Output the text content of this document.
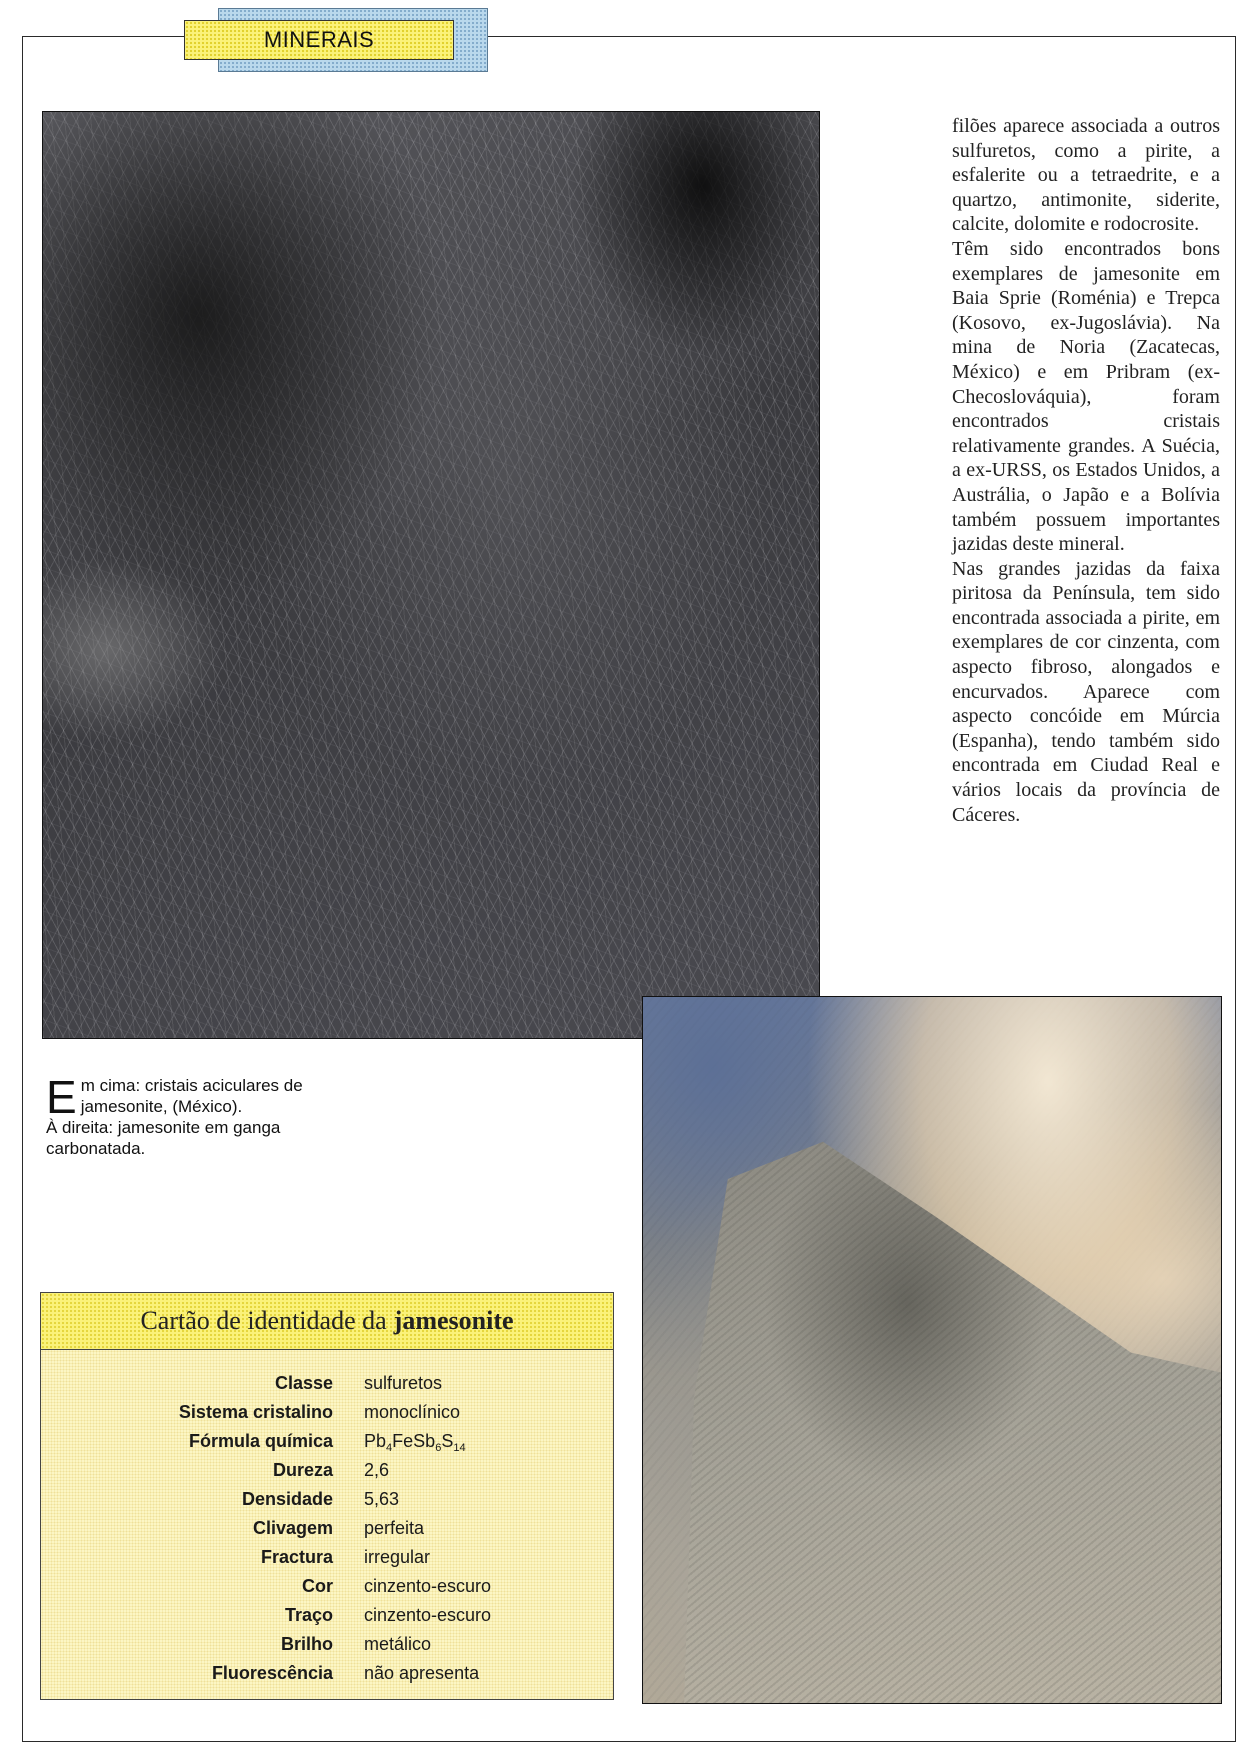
MINERAIS

filões aparece associada a outros sulfuretos, como a pirite, a esfalerite ou a tetraedrite, e a quartzo, antimonite, siderite, calcite, dolomite e rodocrosite.

Têm sido encontrados bons exemplares de jamesonite em Baia Sprie (Roménia) e Trepca (Kosovo, ex-Jugoslávia). Na mina de Noria (Zacatecas, México) e em Pribram (ex-Checoslováquia), foram encontrados cristais relativamente grandes. A Suécia, a ex-URSS, os Estados Unidos, a Austrália, o Japão e a Bolívia também possuem importantes jazidas deste mineral.

Nas grandes jazidas da faixa piritosa da Península, tem sido encontrada associada a pirite, em exemplares de cor cinzenta, com aspecto fibroso, alongados e encurvados. Aparece com aspecto concóide em Múrcia (Espanha), tendo também sido encontrada em Ciudad Real e vários locais da província de Cáceres.

Em cima: cristais aciculares de jamesonite, (México).
À direita: jamesonite em ganga carbonatada.
Cartão de identidade da jamesonite
Classe sulfuretos
Sistema cristalino monoclínico
Fórmula química $Pb_4FeSb_6S_{14}$
Dureza 2,6
Densidade 5,63
Clivagem perfeita
Fractura irregular
Cor cinzento-escuro
Traço cinzento-escuro
Brilho metálico
Fluorescência não apresenta
